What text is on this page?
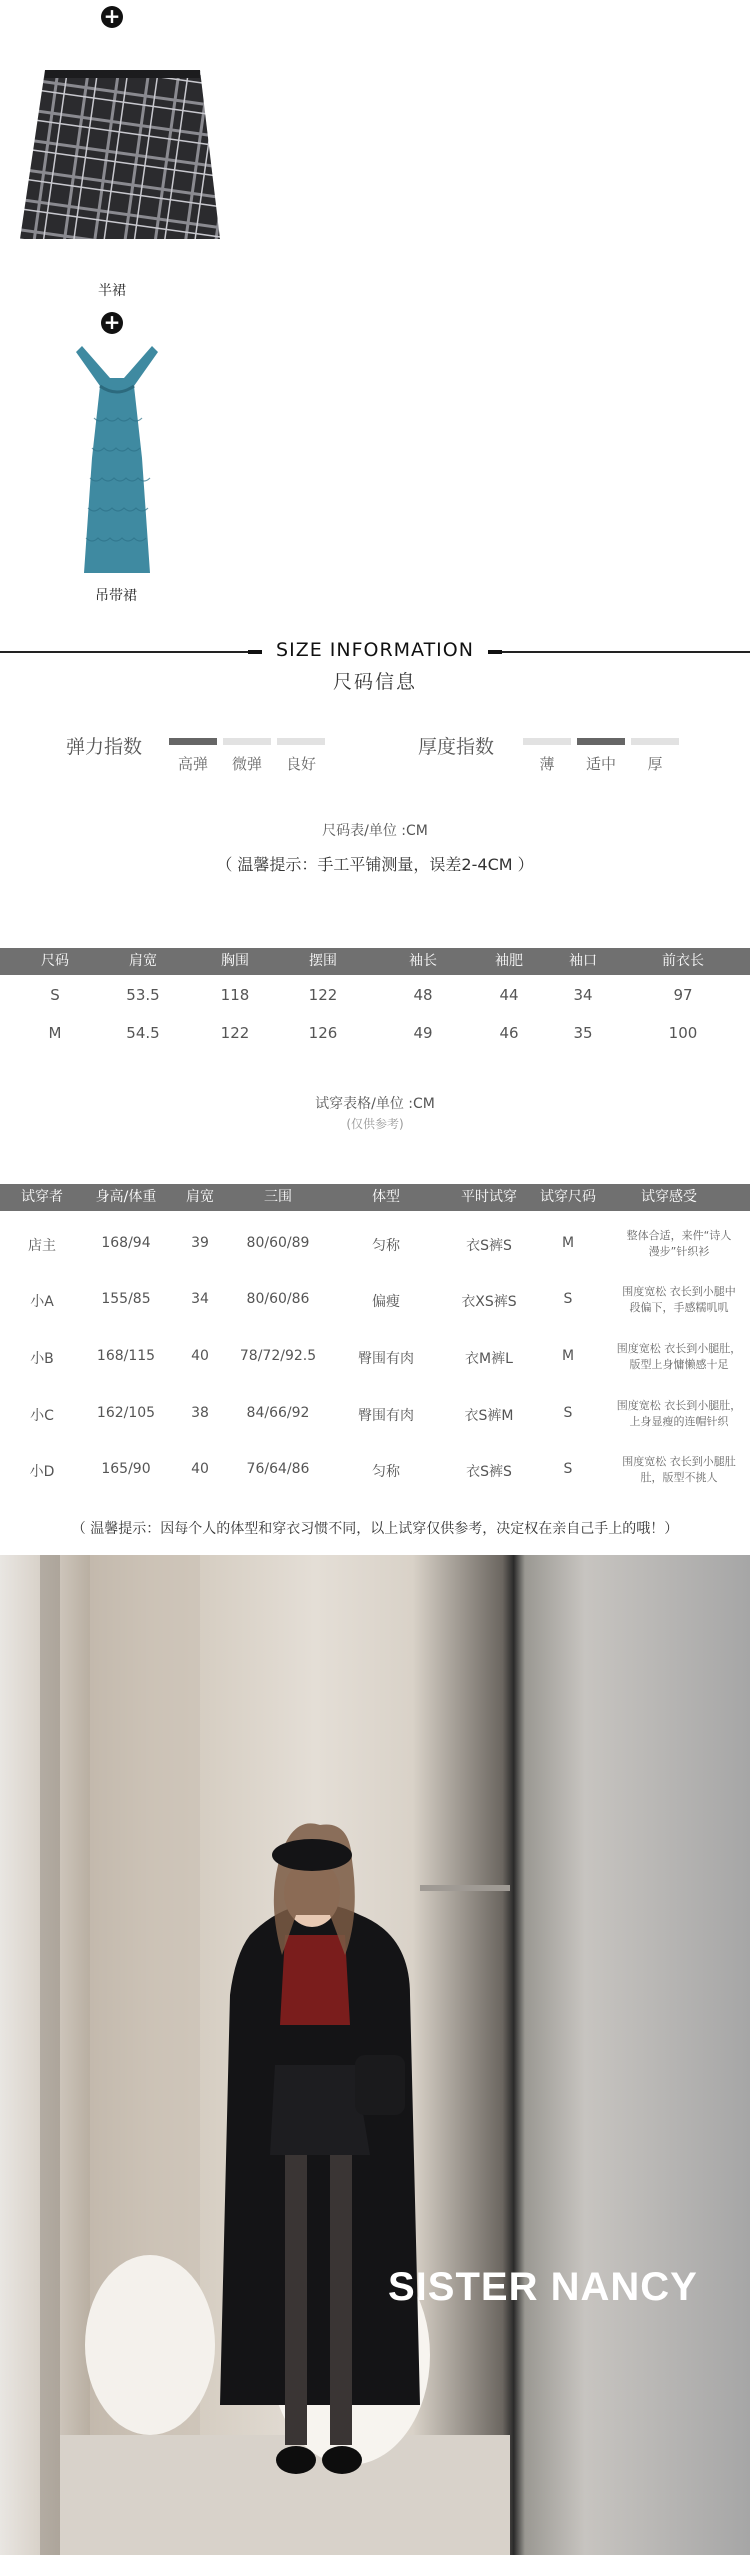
+
半裙
+
吊带裙
SIZE INFORMATION
尺码信息
弹力指数
高弹	微弹	良好
厚度指数
薄	适中	厚
尺码表/单位 :CM
（ 温馨提示：手工平铺测量，误差2-4CM ）
尺码	肩宽	胸围	摆围	袖长	袖肥	袖口	前衣长
S	53.5	118	122	48	44	34	97
M	54.5	122	126	49	46	35	100
试穿表格/单位 :CM
(仅供参考)
试穿者	身高/体重	肩宽	三围	体型	平时试穿	试穿尺码	试穿感受
店主	168/94	39	80/60/89	匀称	衣S裤S	M	整体合适，来件“诗人
漫步”针织衫
小A	155/85	34	80/60/86	偏瘦	衣XS裤S	S	围度宽松 衣长到小腿中
段偏下，手感糯叽叽
小B	168/115	40	78/72/92.5	臀围有肉	衣M裤L	M	围度宽松 衣长到小腿肚，
版型上身慵懒感十足
小C	162/105	38	84/66/92	臀围有肉	衣S裤M	S	围度宽松 衣长到小腿肚，
上身显瘦的连帽针织
小D	165/90	40	76/64/86	匀称	衣S裤S	S	围度宽松 衣长到小腿肚
肚，版型不挑人
（ 温馨提示：因每个人的体型和穿衣习惯不同，以上试穿仅供参考，决定权在亲自己手上的哦！）
SISTER NANCY
